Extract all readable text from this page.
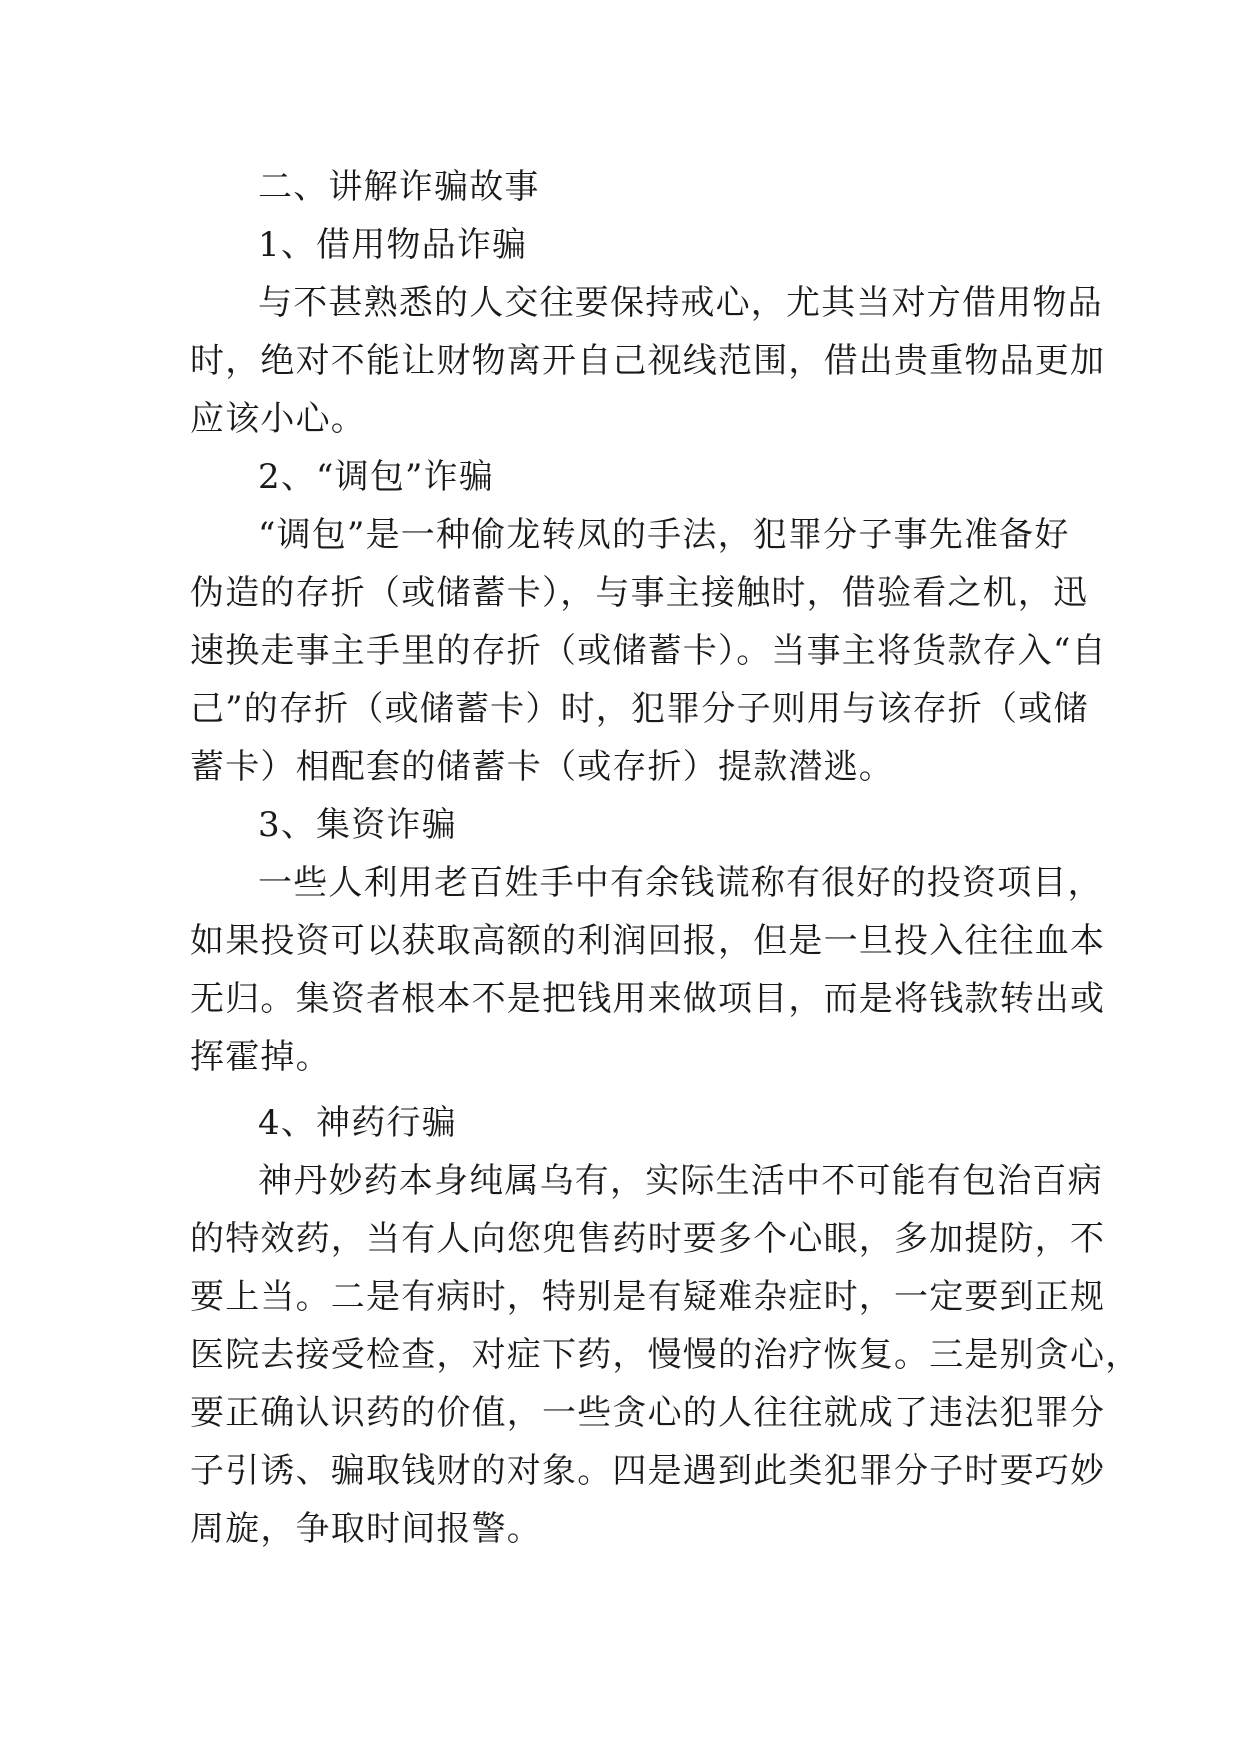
二、讲解诈骗故事
1、借用物品诈骗
与不甚熟悉的人交往要保持戒心，尤其当对方借用物品
时，绝对不能让财物离开自己视线范围，借出贵重物品更加
应该小心。
2、“调包”诈骗
“调包”是一种偷龙转凤的手法，犯罪分子事先准备好
伪造的存折（或储蓄卡），与事主接触时，借验看之机，迅
速换走事主手里的存折（或储蓄卡）。当事主将货款存入“自
己”的存折（或储蓄卡）时，犯罪分子则用与该存折（或储
蓄卡）相配套的储蓄卡（或存折）提款潜逃。
3、集资诈骗
一些人利用老百姓手中有余钱谎称有很好的投资项目，
如果投资可以获取高额的利润回报，但是一旦投入往往血本
无归。集资者根本不是把钱用来做项目，而是将钱款转出或
挥霍掉。
4、神药行骗
神丹妙药本身纯属乌有，实际生活中不可能有包治百病
的特效药，当有人向您兜售药时要多个心眼，多加提防，不
要上当。二是有病时，特别是有疑难杂症时，一定要到正规
医院去接受检查，对症下药，慢慢的治疗恢复。三是别贪心，
要正确认识药的价值，一些贪心的人往往就成了违法犯罪分
子引诱、骗取钱财的对象。四是遇到此类犯罪分子时要巧妙
周旋，争取时间报警。
